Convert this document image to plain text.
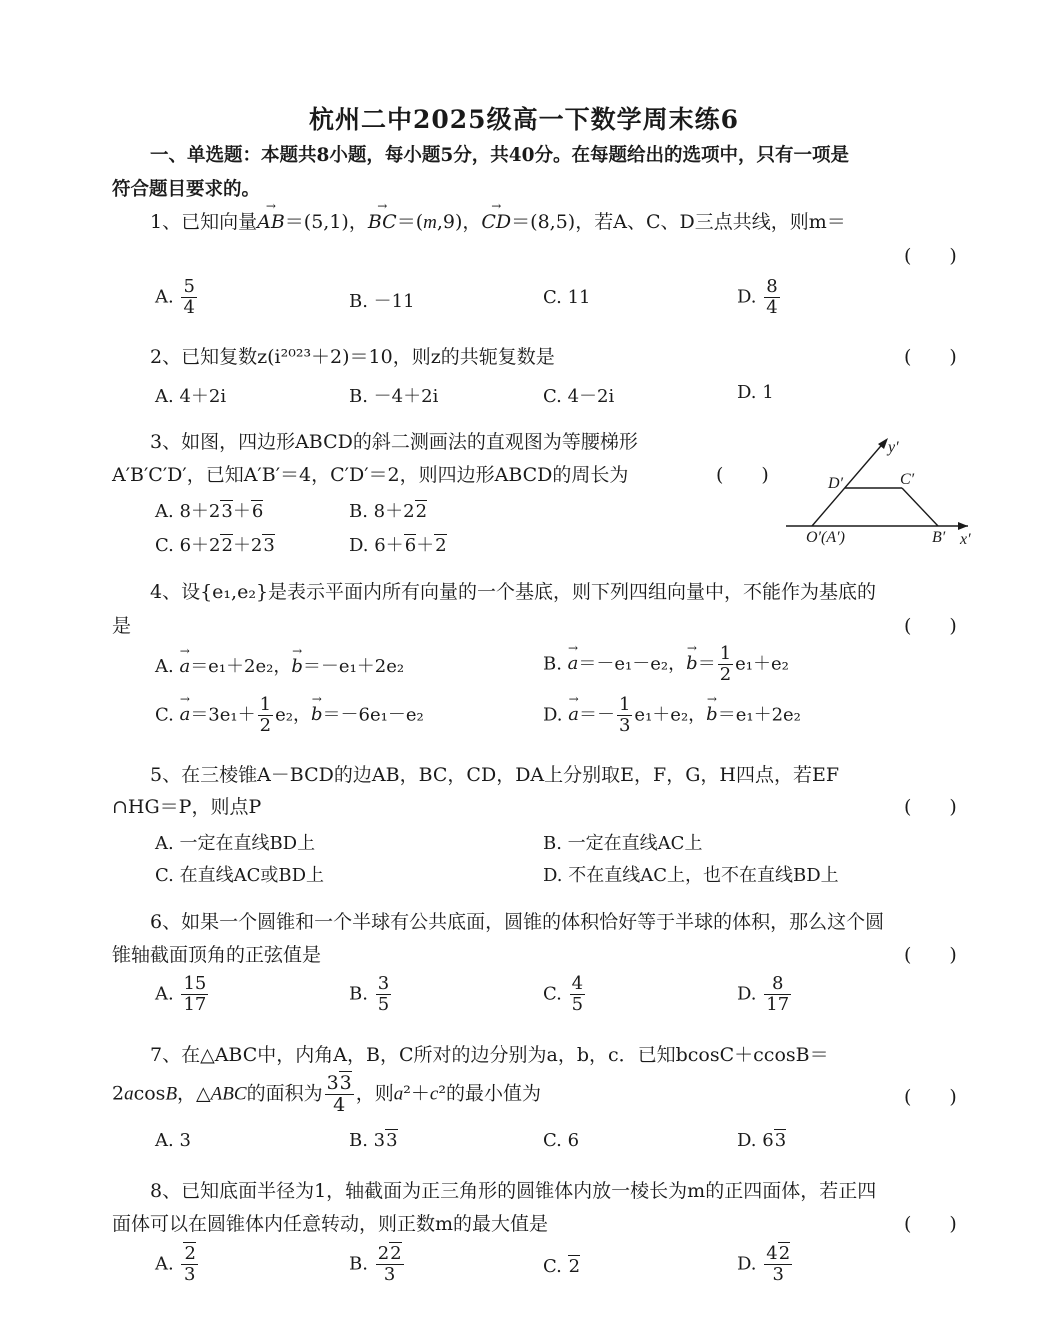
杭州二中2025级高一下数学周末练6
一、单选题：本题共8小题，每小题5分，共40分。在每题给出的选项中，只有一项是
符合题目要求的。
1、已知向量AB →＝(5,1)，BC →＝(m,9)，CD →＝(8,5)，若A、C、D三点共线，则m＝
(　　)
A. $\frac{5}{4}$	B. －11	C. 11	D. $\frac{8}{4}$
2、已知复数z(i²⁰²³＋2)＝10，则z的共轭复数是	(　　)
A. 4＋2i	B. －4＋2i	C. 4－2i	D. 1
3、如图，四边形ABCD的斜二测画法的直观图为等腰梯形
A′B′C′D′，已知A′B′＝4，C′D′＝2，则四边形ABCD的周长为	(　　)
A. 8＋23＋6	B. 8＋22
C. 6＋22＋23	D. 6＋6＋2
y′
x′
D′	C′
O′(A′)	B′
4、设{e₁,e₂}是表示平面内所有向量的一个基底，则下列四组向量中，不能作为基底的
是	(　　)
A. a →＝e₁＋2e₂，b →＝－e₁＋2e₂	B. a →＝－e₁－e₂，$b \to= \frac{1}{2} e_1+e_2$
C. $a \to=3e_1+ \frac{1}{2} e_2$，b →＝－6e₁－e₂	D. a →＝－ $\frac{1}{3} e_1+e_2$，b →＝e₁＋2e₂
5、在三棱锥A－BCD的边AB，BC，CD，DA上分别取E，F，G，H四点，若EF
∩HG＝P，则点P	(　　)
A. 一定在直线BD上	B. 一定在直线AC上
C. 在直线AC或BD上	D. 不在直线AC上，也不在直线BD上
6、如果一个圆锥和一个半球有公共底面，圆锥的体积恰好等于半球的体积，那么这个圆
锥轴截面顶角的正弦值是	(　　)
A. $\frac{15}{17}$	B. $\frac{3}{5}$	C. $\frac{4}{5}$	D. $\frac{8}{17}$
7、在△ABC中，内角A，B，C所对的边分别为a，b，c．已知bcosC＋ccosB＝
2acosB，△ABC的面积为 $\frac{33}{4}$ ，则a²＋c²的最小值为	(　　)
A. 3	B. 33	C. 6	D. 63
8、已知底面半径为1，轴截面为正三角形的圆锥体内放一棱长为m的正四面体，若正四
面体可以在圆锥体内任意转动，则正数m的最大值是	(　　)
A. $\frac{2}{3}$	B. $\frac{22}{3}$	C. 2	D. $\frac{42}{3}$
